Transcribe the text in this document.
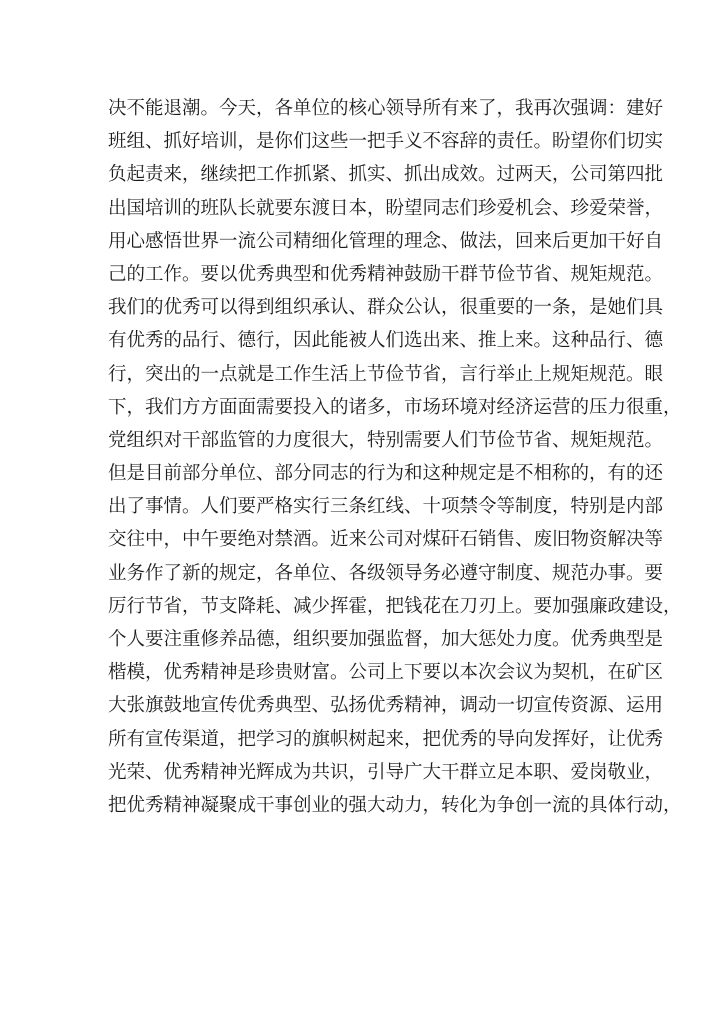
决不能退潮。今天，各单位的核心领导所有来了，我再次强调：建好
班组、抓好培训，是你们这些一把手义不容辞的责任。盼望你们切实
负起责来，继续把工作抓紧、抓实、抓出成效。过两天，公司第四批
出国培训的班队长就要东渡日本，盼望同志们珍爱机会、珍爱荣誉，
用心感悟世界一流公司精细化管理的理念、做法，回来后更加干好自
己的工作。要以优秀典型和优秀精神鼓励干群节俭节省、规矩规范。
我们的优秀可以得到组织承认、群众公认，很重要的一条，是她们具
有优秀的品行、德行，因此能被人们选出来、推上来。这种品行、德
行，突出的一点就是工作生活上节俭节省，言行举止上规矩规范。眼
下，我们方方面面需要投入的诸多，市场环境对经济运营的压力很重，
党组织对干部监管的力度很大，特别需要人们节俭节省、规矩规范。
但是目前部分单位、部分同志的行为和这种规定是不相称的，有的还
出了事情。人们要严格实行三条红线、十项禁令等制度，特别是内部
交往中，中午要绝对禁酒。近来公司对煤矸石销售、废旧物资解决等
业务作了新的规定，各单位、各级领导务必遵守制度、规范办事。要
厉行节省，节支降耗、减少挥霍，把钱花在刀刃上。要加强廉政建设，
个人要注重修养品德，组织要加强监督，加大惩处力度。优秀典型是
楷模，优秀精神是珍贵财富。公司上下要以本次会议为契机，在矿区
大张旗鼓地宣传优秀典型、弘扬优秀精神，调动一切宣传资源、运用
所有宣传渠道，把学习的旗帜树起来，把优秀的导向发挥好，让优秀
光荣、优秀精神光辉成为共识，引导广大干群立足本职、爱岗敬业，
把优秀精神凝聚成干事创业的强大动力，转化为争创一流的具体行动，
